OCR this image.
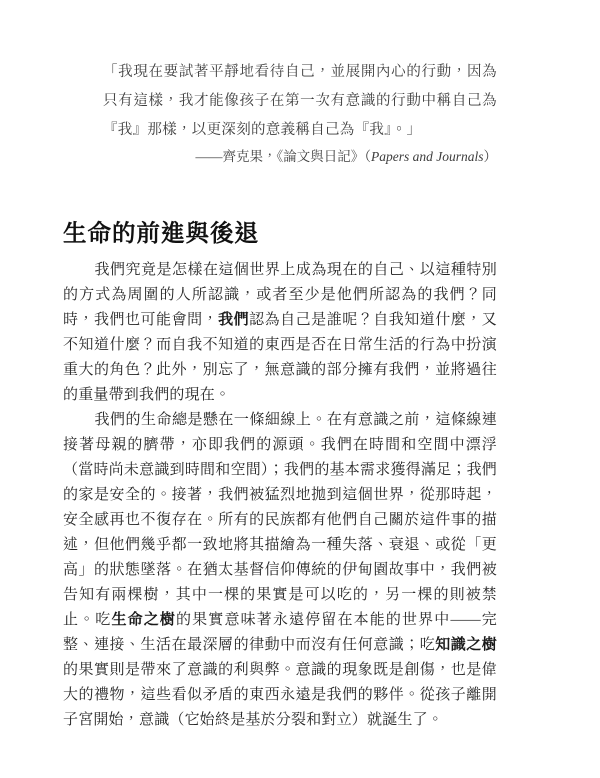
「我現在要試著平靜地看待自己，並展開內心的行動，因為只有這樣，我才能像孩子在第一次有意識的行動中稱自己為『我』那樣，以更深刻的意義稱自己為『我』。」

——齊克果，《論文與日記》（Papers and Journals）

生命的前進與後退

我們究竟是怎樣在這個世界上成為現在的自己、以這種特別的方式為周圍的人所認識，或者至少是他們所認為的我們？同時，我們也可能會問，我們認為自己是誰呢？自我知道什麼，又不知道什麼？而自我不知道的東西是否在日常生活的行為中扮演重大的角色？此外，別忘了，無意識的部分擁有我們，並將過往的重量帶到我們的現在。

我們的生命總是懸在一條細線上。在有意識之前，這條線連接著母親的臍帶，亦即我們的源頭。我們在時間和空間中漂浮（當時尚未意識到時間和空間）；我們的基本需求獲得滿足；我們的家是安全的。接著，我們被猛烈地拋到這個世界，從那時起，安全感再也不復存在。所有的民族都有他們自己關於這件事的描述，但他們幾乎都一致地將其描繪為一種失落、衰退、或從「更高」的狀態墜落。在猶太基督信仰傳統的伊甸園故事中，我們被告知有兩棵樹，其中一棵的果實是可以吃的，另一棵的則被禁止。吃生命之樹的果實意味著永遠停留在本能的世界中——完整、連接、生活在最深層的律動中而沒有任何意識；吃知識之樹的果實則是帶來了意識的利與弊。意識的現象既是創傷，也是偉大的禮物，這些看似矛盾的東西永遠是我們的夥伴。從孩子離開子宮開始，意識（它始終是基於分裂和對立）就誕生了。
